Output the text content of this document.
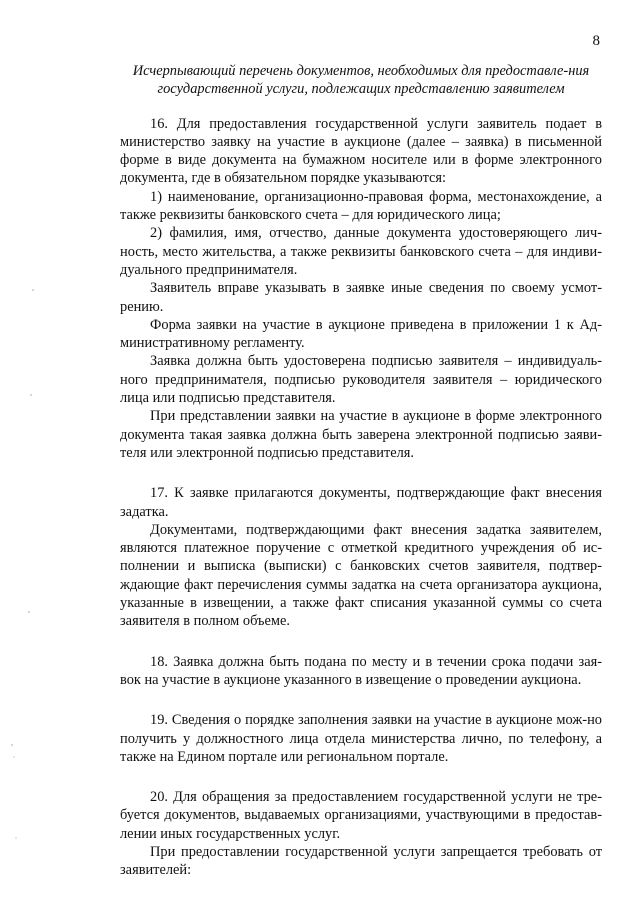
8
Исчерпывающий перечень документов, необходимых для предоставле-ния государственной услуги, подлежащих представлению заявителем

16. Для предоставления государственной услуги заявитель подает в министерство заявку на участие в аукционе (далее – заявка) в письменной форме в виде документа на бумажном носителе или в форме электронного документа, где в обязательном порядке указываются:

1) наименование, организационно-правовая форма, местонахождение, а также реквизиты банковского счета – для юридического лица;

2) фамилия, имя, отчество, данные документа удостоверяющего лич-ность, место жительства, а также реквизиты банковского счета – для индиви-дуального предпринимателя.

Заявитель вправе указывать в заявке иные сведения по своему усмот-рению.

Форма заявки на участие в аукционе приведена в приложении 1 к Ад-министративному регламенту.

Заявка должна быть удостоверена подписью заявителя – индивидуаль-ного предпринимателя, подписью руководителя заявителя – юридического лица или подписью представителя.

При представлении заявки на участие в аукционе в форме электронного документа такая заявка должна быть заверена электронной подписью заяви-теля или электронной подписью представителя.

17. К заявке прилагаются документы, подтверждающие факт внесения задатка.

Документами, подтверждающими факт внесения задатка заявителем, являются платежное поручение с отметкой кредитного учреждения об ис-полнении и выписка (выписки) с банковских счетов заявителя, подтвер-ждающие факт перечисления суммы задатка на счета организатора аукциона, указанные в извещении, а также факт списания указанной суммы со счета заявителя в полном объеме.

18. Заявка должна быть подана по месту и в течении срока подачи зая-вок на участие в аукционе указанного в извещение о проведении аукциона.

19. Сведения о порядке заполнения заявки на участие в аукционе мож-но получить у должностного лица отдела министерства лично, по телефону, а также на Едином портале или региональном портале.

20. Для обращения за предоставлением государственной услуги не тре-буется документов, выдаваемых организациями, участвующими в предостав-лении иных государственных услуг.

При предоставлении государственной услуги запрещается требовать от заявителей:
